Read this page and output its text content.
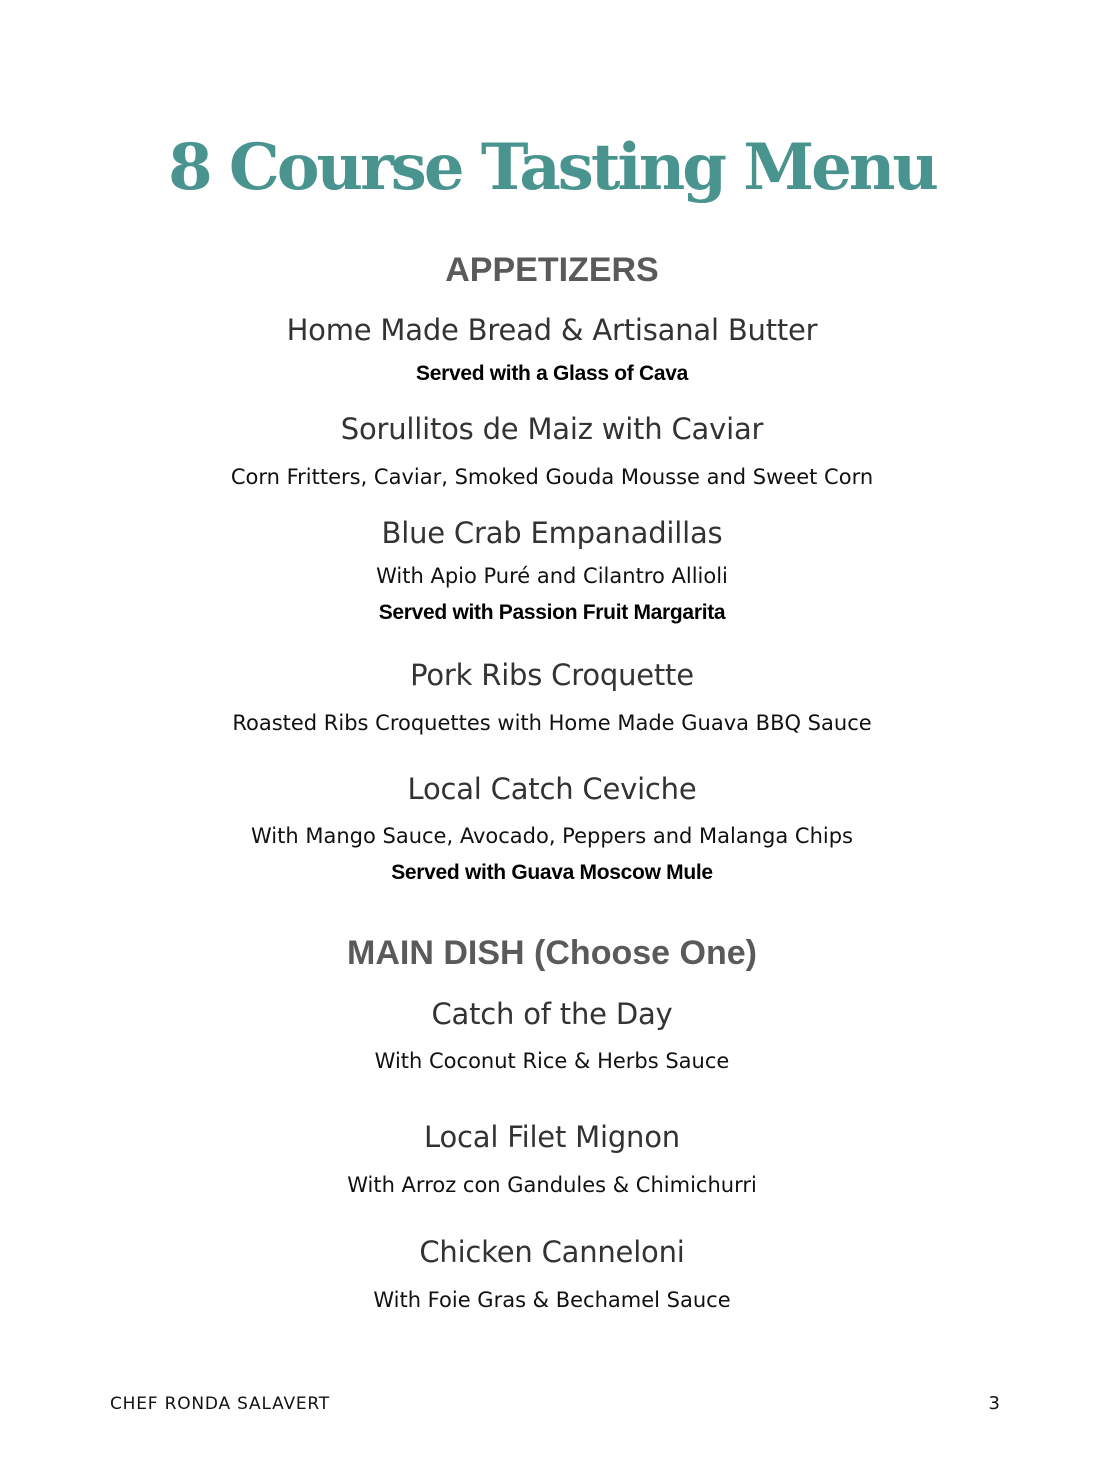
8 Course Tasting Menu
APPETIZERS

Home Made Bread & Artisanal Butter

Served with a Glass of Cava

Sorullitos de Maiz with Caviar

Corn Fritters, Caviar, Smoked Gouda Mousse and Sweet Corn

Blue Crab Empanadillas

With Apio Puré and Cilantro Allioli

Served with Passion Fruit Margarita

Pork Ribs Croquette

Roasted Ribs Croquettes with Home Made Guava BBQ Sauce

Local Catch Ceviche

With Mango Sauce, Avocado, Peppers and Malanga Chips

Served with Guava Moscow Mule

MAIN DISH (Choose One)

Catch of the Day

With Coconut Rice & Herbs Sauce

Local Filet Mignon

With Arroz con Gandules & Chimichurri

Chicken Canneloni

With Foie Gras & Bechamel Sauce

CHEF RONDA SALAVERT	3
